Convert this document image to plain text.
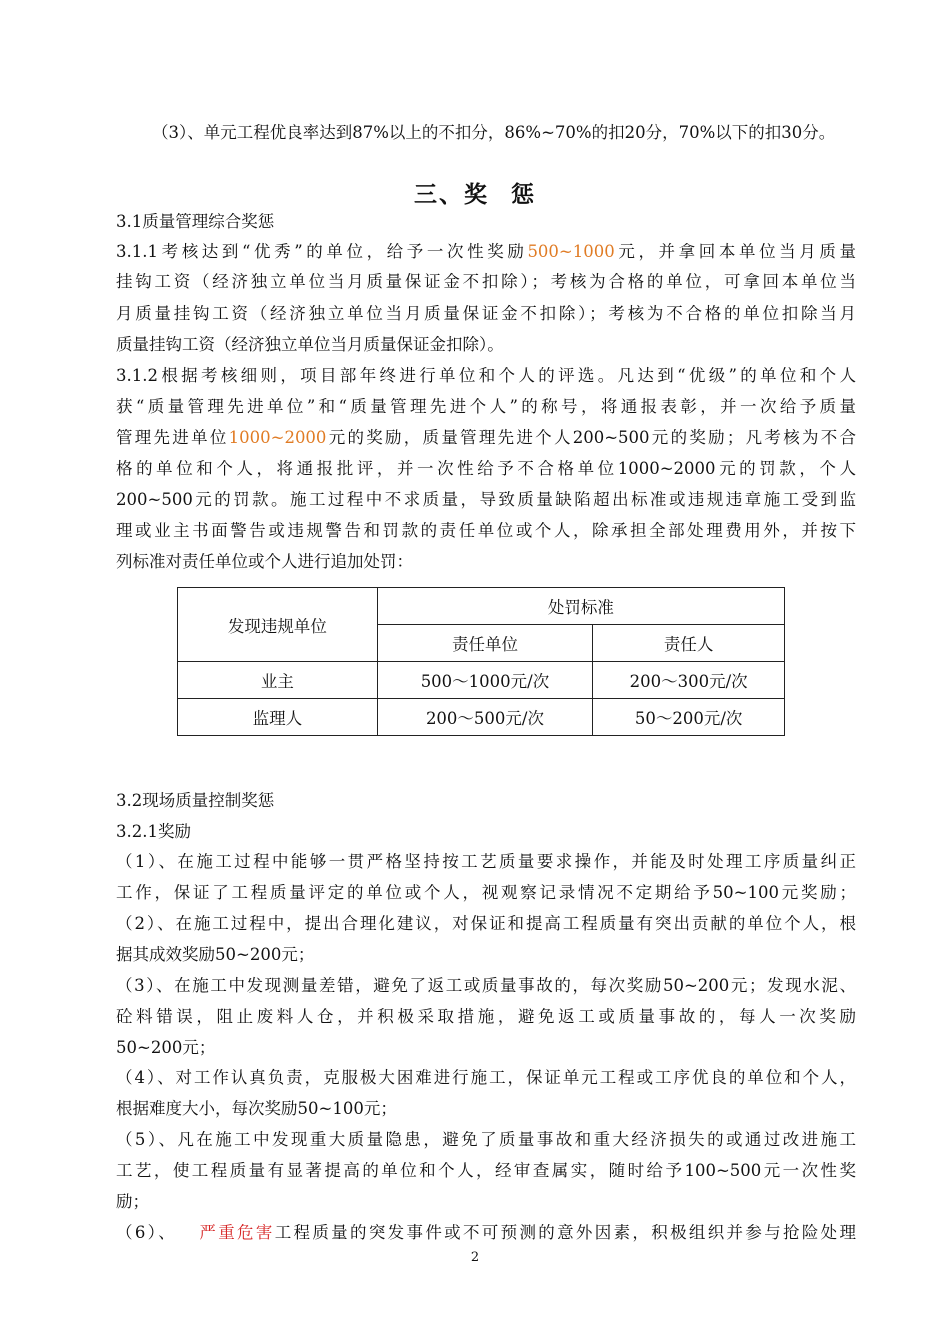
（3）、单元工程优良率达到87%以上的不扣分，86%~70%的扣20分，70%以下的扣30分。
三、奖 惩
3.1质量管理综合奖惩
3.1.1考核达到“优秀”的单位，给予一次性奖励500~1000元，并拿回本单位当月质量
挂钩工资（经济独立单位当月质量保证金不扣除）；考核为合格的单位，可拿回本单位当
月质量挂钩工资（经济独立单位当月质量保证金不扣除）；考核为不合格的单位扣除当月
质量挂钩工资（经济独立单位当月质量保证金扣除）。
3.1.2根据考核细则，项目部年终进行单位和个人的评选。凡达到“优级”的单位和个人
获“质量管理先进单位”和“质量管理先进个人”的称号，将通报表彰，并一次给予质量
管理先进单位1000~2000元的奖励，质量管理先进个人200~500元的奖励；凡考核为不合
格的单位和个人，将通报批评，并一次性给予不合格单位1000~2000元的罚款，个人
200~500元的罚款。施工过程中不求质量，导致质量缺陷超出标准或违规违章施工受到监
理或业主书面警告或违规警告和罚款的责任单位或个人，除承担全部处理费用外，并按下
列标准对责任单位或个人进行追加处罚：
发现违规单位	处罚标准	
	责任单位	责任人
业主	500～1000元/次	200～300元/次
监理人	200～500元/次	50～200元/次
3.2现场质量控制奖惩
3.2.1奖励
（1）、在施工过程中能够一贯严格坚持按工艺质量要求操作，并能及时处理工序质量纠正
工作，保证了工程质量评定的单位或个人，视观察记录情况不定期给予50~100元奖励；
（2）、在施工过程中，提出合理化建议，对保证和提高工程质量有突出贡献的单位个人，根
据其成效奖励50~200元；
（3）、在施工中发现测量差错，避免了返工或质量事故的，每次奖励50~200元；发现水泥、
砼料错误，阻止废料人仓，并积极采取措施，避免返工或质量事故的，每人一次奖励
50~200元；
（4）、对工作认真负责，克服极大困难进行施工，保证单元工程或工序优良的单位和个人，
根据难度大小，每次奖励50~100元；
（5）、凡在施工中发现重大质量隐患，避免了质量事故和重大经济损失的或通过改进施工
工艺，使工程质量有显著提高的单位和个人，经审查属实，随时给予100~500元一次性奖
励；
（6）、 严重危害工程质量的突发事件或不可预测的意外因素，积极组织并参与抢险处理
2
